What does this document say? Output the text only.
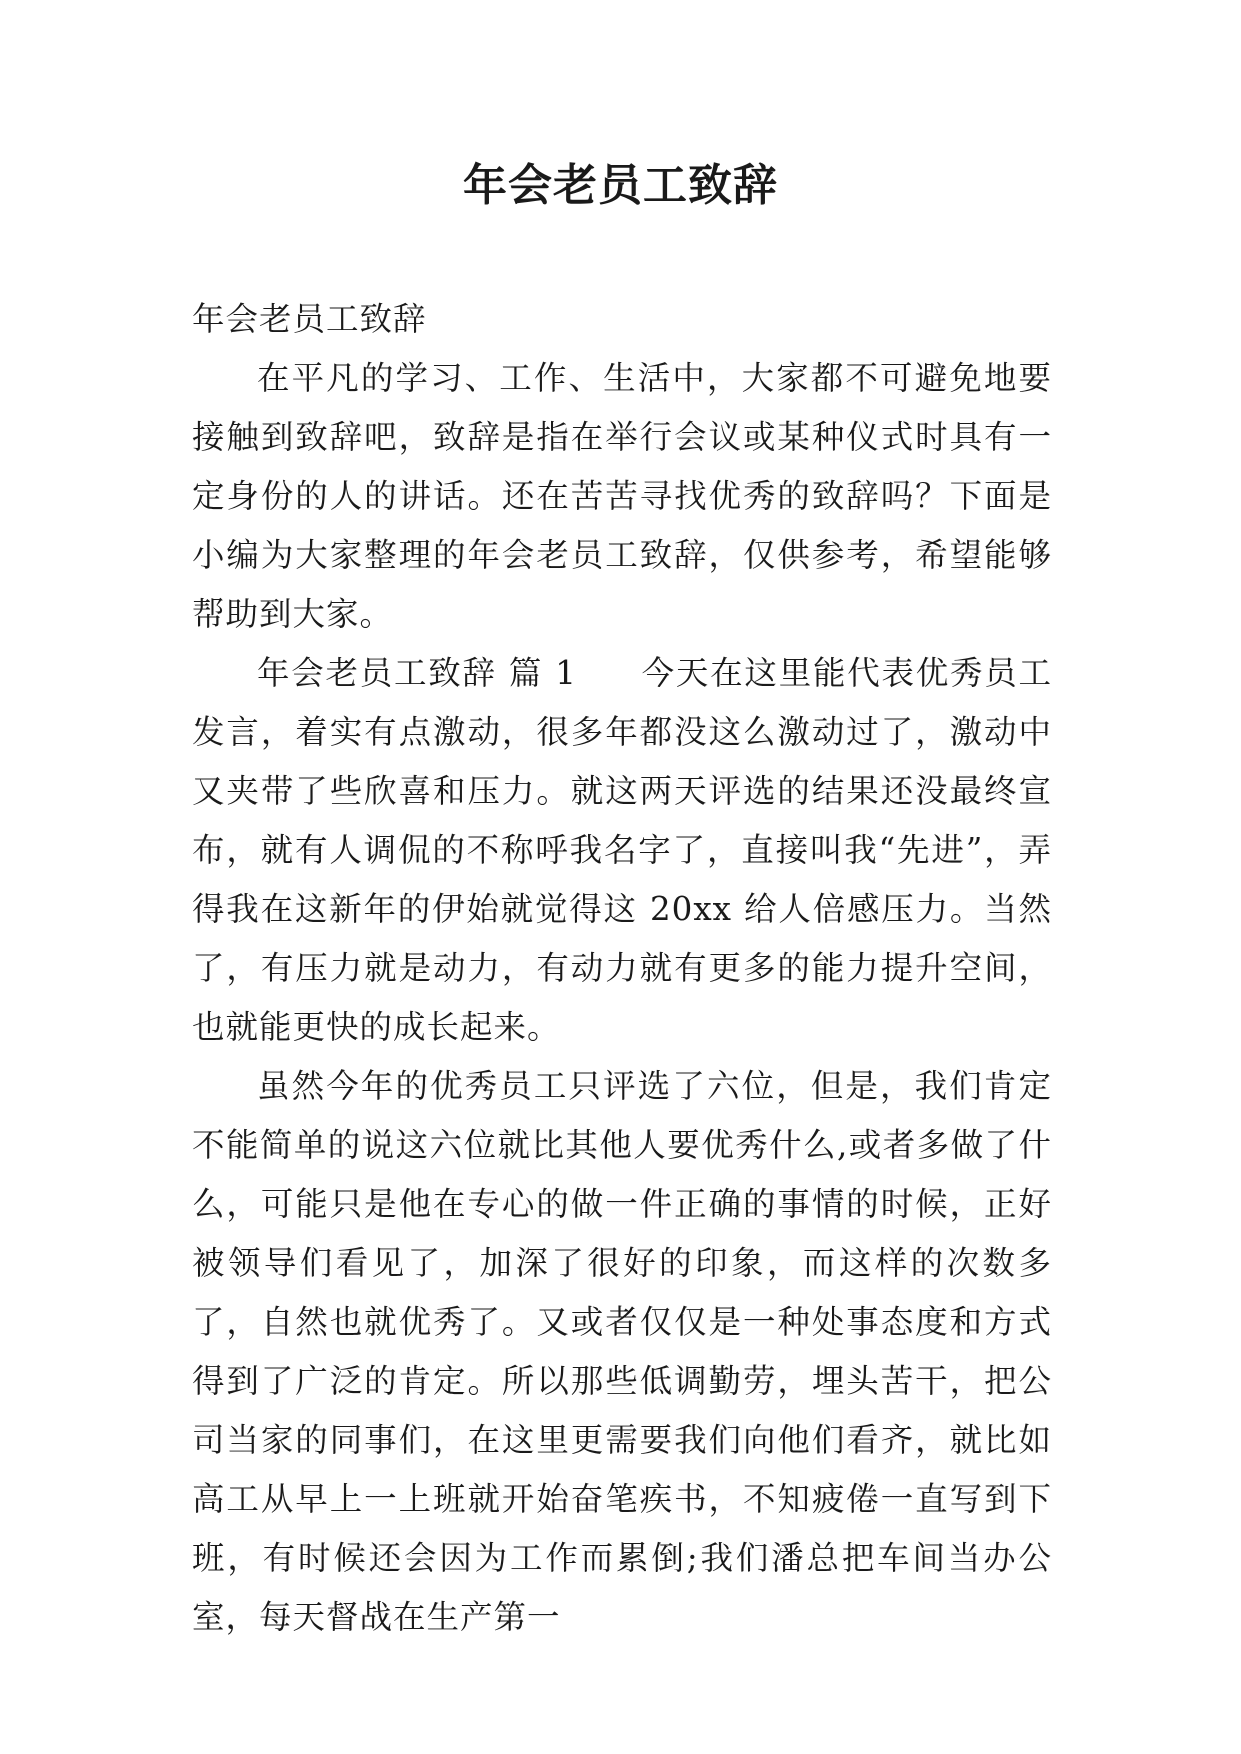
年会老员工致辞

年会老员工致辞

在平凡的学习、工作、生活中，大家都不可避免地要接触到致辞吧，致辞是指在举行会议或某种仪式时具有一定身份的人的讲话。还在苦苦寻找优秀的致辞吗？下面是小编为大家整理的年会老员工致辞，仅供参考，希望能够帮助到大家。

年会老员工致辞 篇 1 今天在这里能代表优秀员工发言，着实有点激动，很多年都没这么激动过了，激动中又夹带了些欣喜和压力。就这两天评选的结果还没最终宣布，就有人调侃的不称呼我名字了，直接叫我“先进”，弄得我在这新年的伊始就觉得这 20xx 给人倍感压力。当然了，有压力就是动力，有动力就有更多的能力提升空间，也就能更快的成长起来。

虽然今年的优秀员工只评选了六位，但是，我们肯定不能简单的说这六位就比其他人要优秀什么,或者多做了什么，可能只是他在专心的做一件正确的事情的时候，正好被领导们看见了，加深了很好的印象，而这样的次数多了，自然也就优秀了。又或者仅仅是一种处事态度和方式得到了广泛的肯定。所以那些低调勤劳，埋头苦干，把公司当家的同事们，在这里更需要我们向他们看齐，就比如高工从早上一上班就开始奋笔疾书，不知疲倦一直写到下班，有时候还会因为工作而累倒;我们潘总把车间当办公室，每天督战在生产第一
